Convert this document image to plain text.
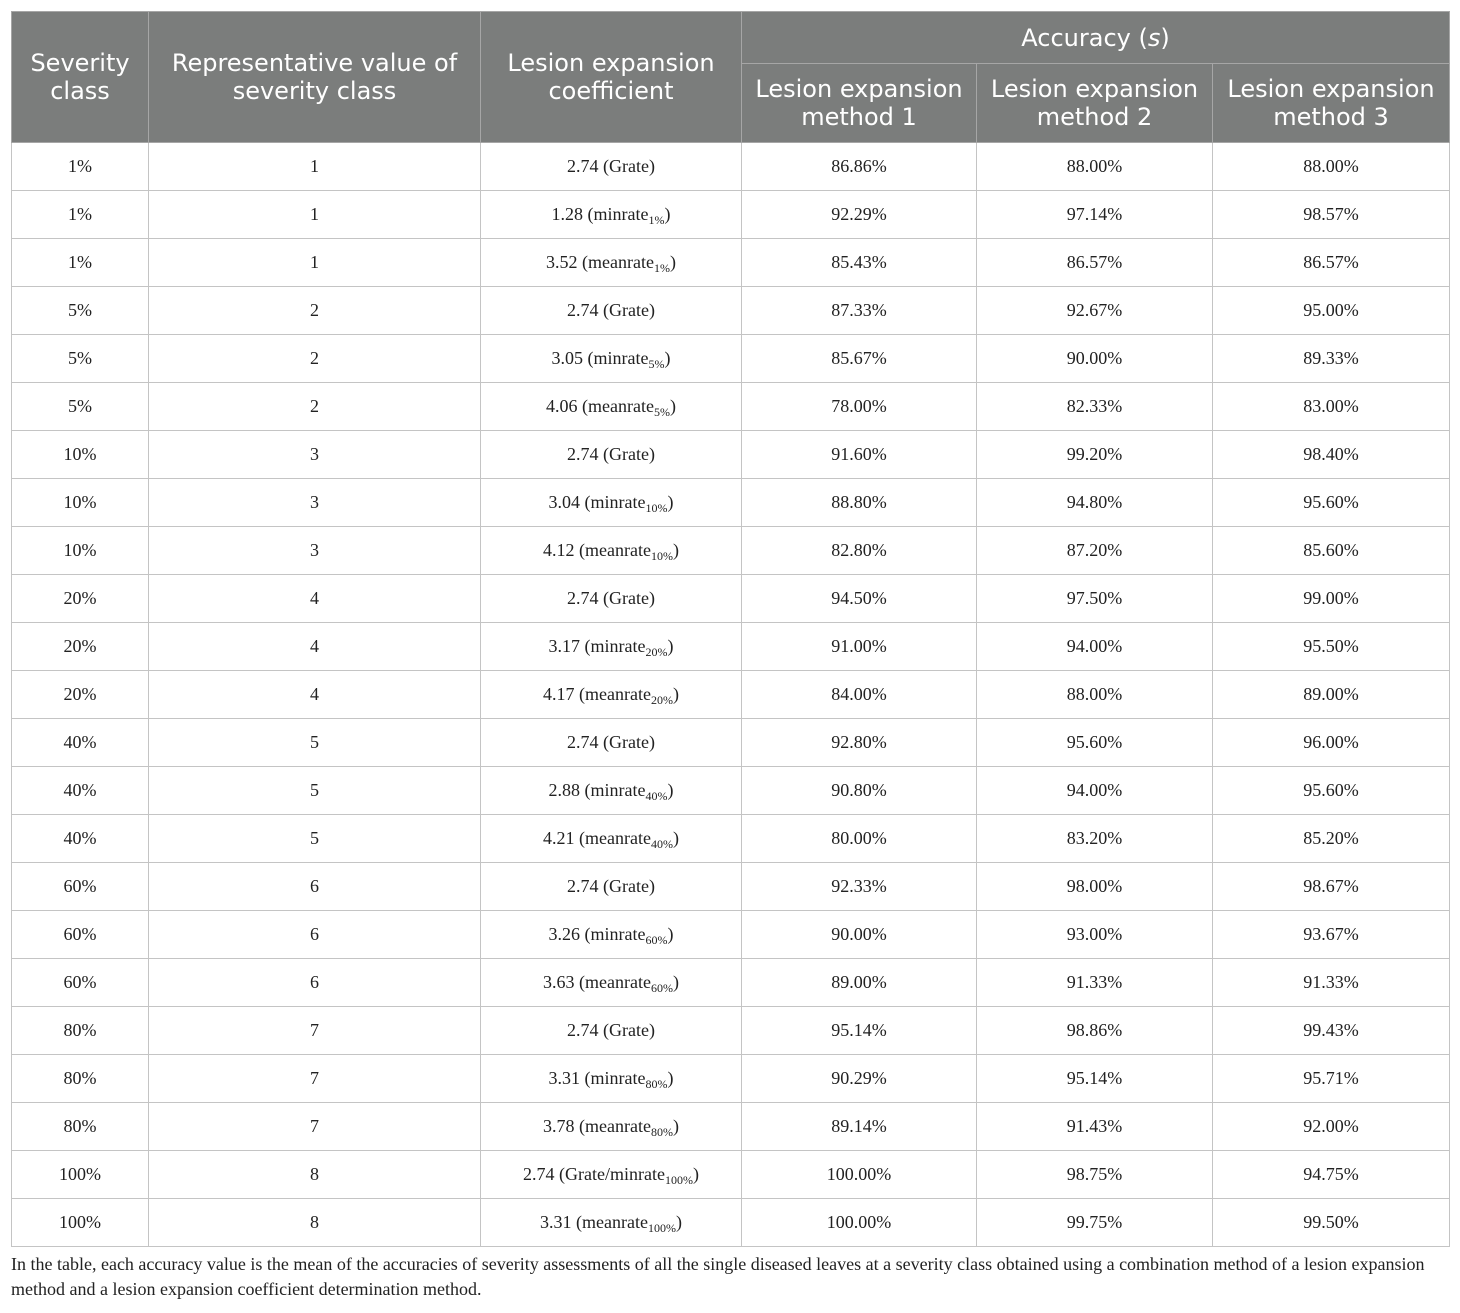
Severity class	Representative value of severity class	Lesion expansion coefficient	Accuracy (s)		
			Lesion expansion method 1	Lesion expansion method 2	Lesion expansion method 3
1%	1	2.74 (Grate)	86.86%	88.00%	88.00%
1%	1	1.28 (minrate$_{1\%}$)	92.29%	97.14%	98.57%
1%	1	3.52 (meanrate$_{1\%}$)	85.43%	86.57%	86.57%
5%	2	2.74 (Grate)	87.33%	92.67%	95.00%
5%	2	3.05 (minrate$_{5\%}$)	85.67%	90.00%	89.33%
5%	2	4.06 (meanrate$_{5\%}$)	78.00%	82.33%	83.00%
10%	3	2.74 (Grate)	91.60%	99.20%	98.40%
10%	3	3.04 (minrate$_{10\%}$)	88.80%	94.80%	95.60%
10%	3	4.12 (meanrate$_{10\%}$)	82.80%	87.20%	85.60%
20%	4	2.74 (Grate)	94.50%	97.50%	99.00%
20%	4	3.17 (minrate$_{20\%}$)	91.00%	94.00%	95.50%
20%	4	4.17 (meanrate$_{20\%}$)	84.00%	88.00%	89.00%
40%	5	2.74 (Grate)	92.80%	95.60%	96.00%
40%	5	2.88 (minrate$_{40\%}$)	90.80%	94.00%	95.60%
40%	5	4.21 (meanrate$_{40\%}$)	80.00%	83.20%	85.20%
60%	6	2.74 (Grate)	92.33%	98.00%	98.67%
60%	6	3.26 (minrate$_{60\%}$)	90.00%	93.00%	93.67%
60%	6	3.63 (meanrate$_{60\%}$)	89.00%	91.33%	91.33%
80%	7	2.74 (Grate)	95.14%	98.86%	99.43%
80%	7	3.31 (minrate$_{80\%}$)	90.29%	95.14%	95.71%
80%	7	3.78 (meanrate$_{80\%}$)	89.14%	91.43%	92.00%
100%	8	2.74 (Grate/minrate$_{100\%}$)	100.00%	98.75%	94.75%
100%	8	3.31 (meanrate$_{100\%}$)	100.00%	99.75%	99.50%
In the table, each accuracy value is the mean of the accuracies of severity assessments of all the single diseased leaves at a severity class obtained using a combination method of a lesion expansion method and a lesion expansion coefficient determination method.
